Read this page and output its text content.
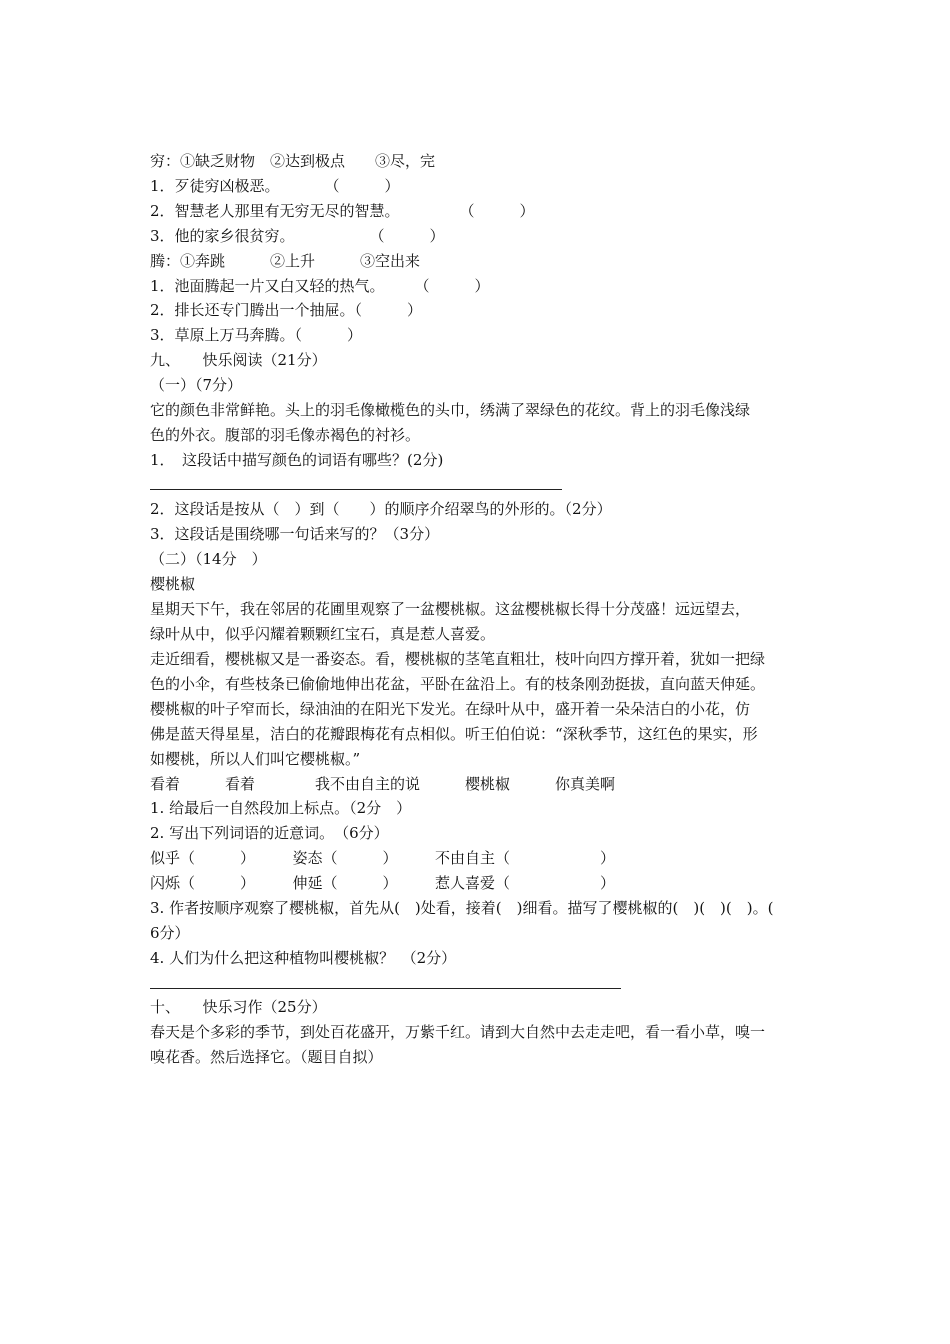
穷：①缺乏财物　②达到极点　　③尽，完
1．歹徒穷凶极恶。　　　　（　　　）
2．智慧老人那里有无穷无尽的智慧。　　　　　（　　　）
3．他的家乡很贫穷。　　　　　　（　　　）
腾：①奔跳　　　②上升　　　③空出来
1．池面腾起一片又白又轻的热气。　　　（　　　）
2．排长还专门腾出一个抽屉。（　　　）
3．草原上万马奔腾。（　　　）
九、　　快乐阅读（21分）
（一）（7分）
它的颜色非常鲜艳。头上的羽毛像橄榄色的头巾，绣满了翠绿色的花纹。背上的羽毛像浅绿
色的外衣。腹部的羽毛像赤褐色的衬衫。
1．　这段话中描写颜色的词语有哪些？(2分)
2．这段话是按从（　）到（　　）的顺序介绍翠鸟的外形的。（2分）
3．这段话是围绕哪一句话来写的？（3分）
（二）（14分　）
樱桃椒
星期天下午，我在邻居的花圃里观察了一盆樱桃椒。这盆樱桃椒长得十分茂盛！远远望去，
绿叶从中，似乎闪耀着颗颗红宝石，真是惹人喜爱。
走近细看，樱桃椒又是一番姿态。看，樱桃椒的茎笔直粗壮，枝叶向四方撑开着，犹如一把绿
色的小伞，有些枝条已偷偷地伸出花盆，平卧在盆沿上。有的枝条刚劲挺拔，直向蓝天伸延。
樱桃椒的叶子窄而长，绿油油的在阳光下发光。在绿叶从中，盛开着一朵朵洁白的小花，仿
佛是蓝天得星星，洁白的花瓣跟梅花有点相似。听王伯伯说：“深秋季节，这红色的果实，形
如樱桃，所以人们叫它樱桃椒。”
看着　　　看着　　　　我不由自主的说　　　樱桃椒　　　你真美啊
1. 给最后一自然段加上标点。（2分　）
2. 写出下列词语的近意词。　（6分）
似乎（　　　）　　　姿态（　　　）　　　不由自主（　　　　　　）
闪烁（　　　）　　　伸延（　　　）　　　惹人喜爱（　　　　　　）
3. 作者按顺序观察了樱桃椒，首先从(　)处看，接着(　)细看。描写了樱桃椒的(　)(　)(　)。(
6分）
4. 人们为什么把这种植物叫樱桃椒？　（2分）
十、　　快乐习作（25分）
春天是个多彩的季节，到处百花盛开，万紫千红。请到大自然中去走走吧，看一看小草，嗅一
嗅花香。然后选择它。（题目自拟）
